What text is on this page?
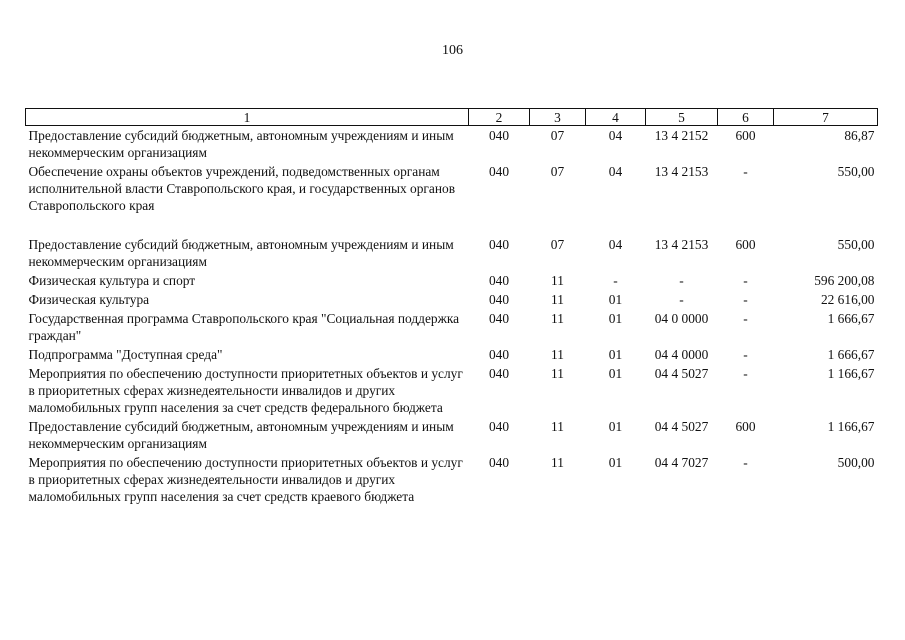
106
1	2	3	4	5	6	7
Предоставление субсидий бюджетным, автономным учреждениям и иным некоммерческим организациям	040	07	04	13 4 2152	600	86,87
Обеспечение охраны объектов учреждений, подведомственных органам исполнительной власти Ставропольского края, и государственных органов Ставропольского края	040	07	04	13 4 2153	-	550,00
Предоставление субсидий бюджетным, автономным учреждениям и иным некоммерческим организациям	040	07	04	13 4 2153	600	550,00
Физическая культура и спорт	040	11	-	-	-	596 200,08
Физическая культура	040	11	01	-	-	22 616,00
Государственная программа Ставропольского края "Социальная поддержка граждан"	040	11	01	04 0 0000	-	1 666,67
Подпрограмма "Доступная среда"	040	11	01	04 4 0000	-	1 666,67
Мероприятия по обеспечению доступности приоритетных объектов и услуг в приоритетных сферах жизнедеятельности инвалидов и других маломобильных групп населения за счет средств федерального бюджета	040	11	01	04 4 5027	-	1 166,67
Предоставление субсидий бюджетным, автономным учреждениям и иным некоммерческим организациям	040	11	01	04 4 5027	600	1 166,67
Мероприятия по обеспечению доступности приоритетных объектов и услуг в приоритетных сферах жизнедеятельности инвалидов и других маломобильных групп населения за счет средств краевого бюджета	040	11	01	04 4 7027	-	500,00
